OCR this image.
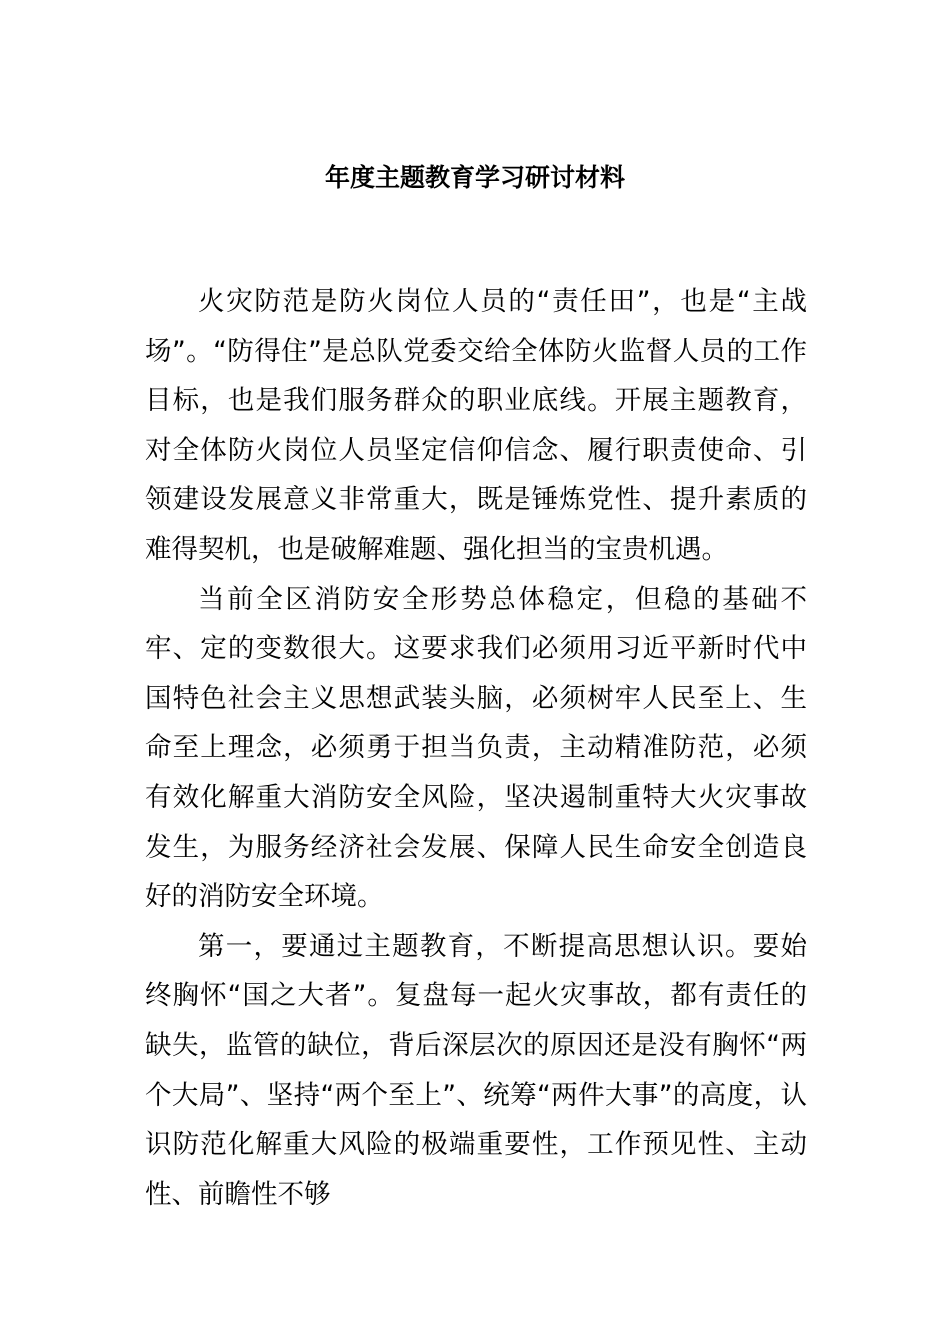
年度主题教育学习研讨材料

火灾防范是防火岗位人员的“责任田”，也是“主战场”。“防得住”是总队党委交给全体防火监督人员的工作目标，也是我们服务群众的职业底线。开展主题教育，对全体防火岗位人员坚定信仰信念、履行职责使命、引领建设发展意义非常重大，既是锤炼党性、提升素质的难得契机，也是破解难题、强化担当的宝贵机遇。

当前全区消防安全形势总体稳定，但稳的基础不牢、定的变数很大。这要求我们必须用习近平新时代中国特色社会主义思想武装头脑，必须树牢人民至上、生命至上理念，必须勇于担当负责，主动精准防范，必须有效化解重大消防安全风险，坚决遏制重特大火灾事故发生，为服务经济社会发展、保障人民生命安全创造良好的消防安全环境。

第一，要通过主题教育，不断提高思想认识。要始终胸怀“国之大者”。复盘每一起火灾事故，都有责任的缺失，监管的缺位，背后深层次的原因还是没有胸怀“两个大局”、坚持“两个至上”、统筹“两件大事”的高度，认识防范化解重大风险的极端重要性，工作预见性、主动性、前瞻性不够
